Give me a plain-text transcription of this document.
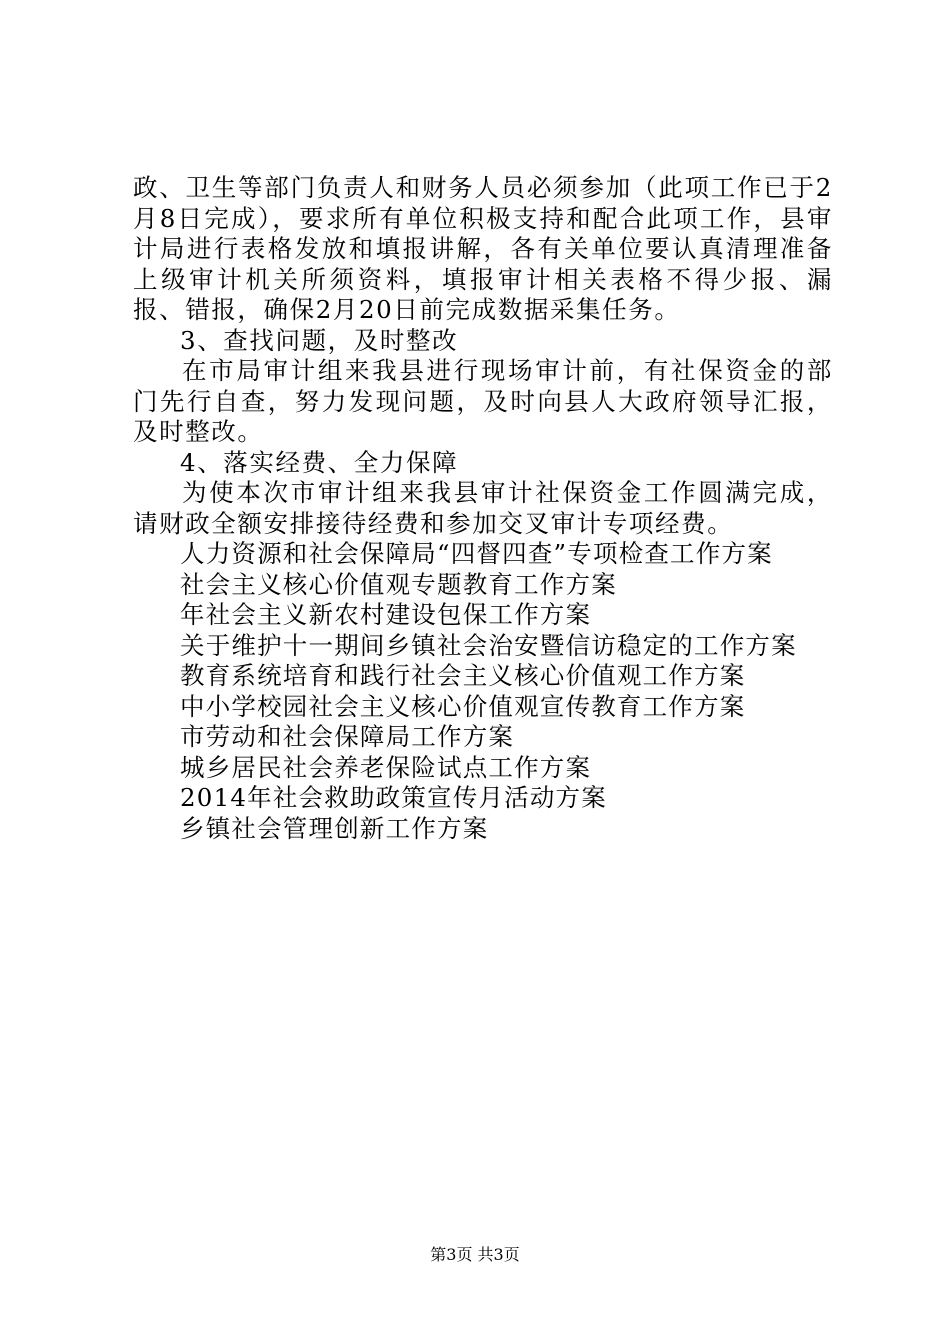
政、卫生等部门负责人和财务人员必须参加（此项工作已于2月8日完成），要求所有单位积极支持和配合此项工作，县审计局进行表格发放和填报讲解，各有关单位要认真清理准备上级审计机关所须资料，填报审计相关表格不得少报、漏报、错报，确保2月20日前完成数据采集任务。

3、查找问题，及时整改

在市局审计组来我县进行现场审计前，有社保资金的部门先行自查，努力发现问题，及时向县人大政府领导汇报，及时整改。

4、落实经费、全力保障

为使本次市审计组来我县审计社保资金工作圆满完成，请财政全额安排接待经费和参加交叉审计专项经费。

人力资源和社会保障局“四督四查”专项检查工作方案

社会主义核心价值观专题教育工作方案

年社会主义新农村建设包保工作方案

关于维护十一期间乡镇社会治安暨信访稳定的工作方案

教育系统培育和践行社会主义核心价值观工作方案

中小学校园社会主义核心价值观宣传教育工作方案

市劳动和社会保障局工作方案

城乡居民社会养老保险试点工作方案

2014年社会救助政策宣传月活动方案

乡镇社会管理创新工作方案

第3页 共3页
